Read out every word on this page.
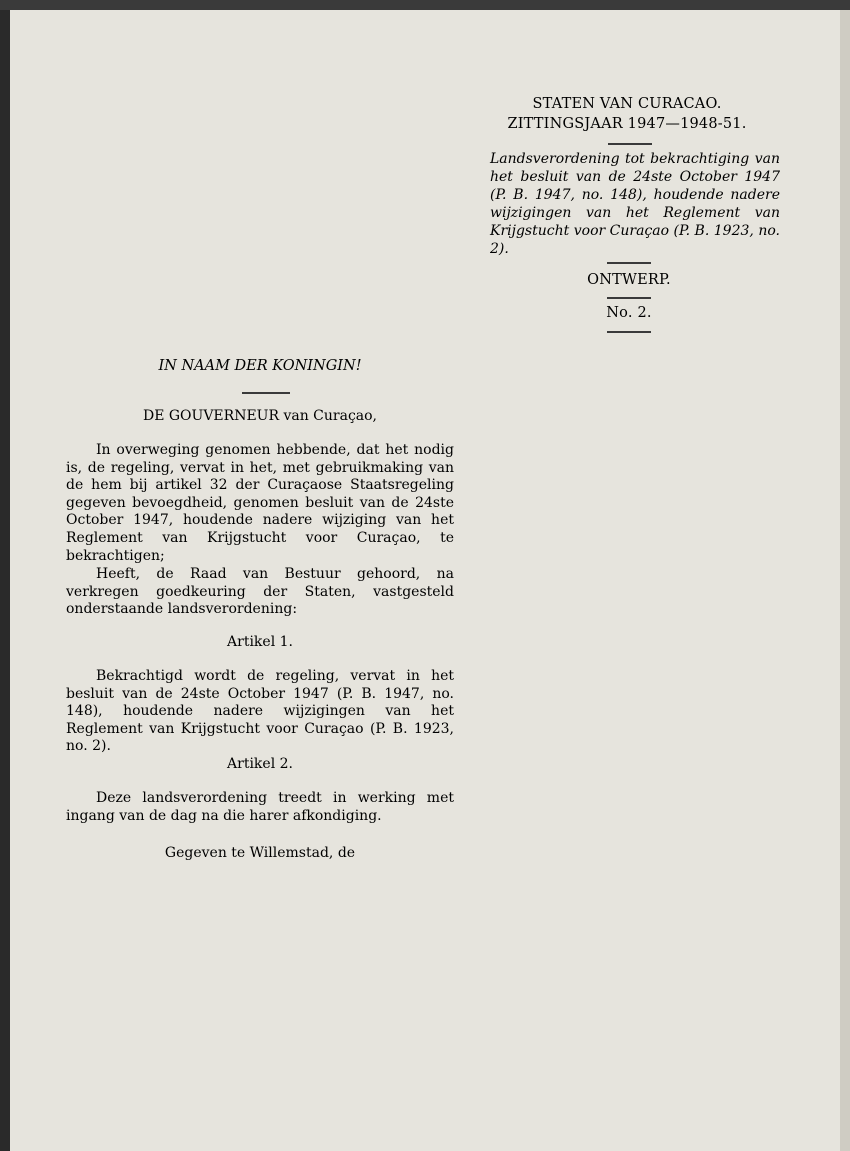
STATEN VAN CURACAO.
ZITTINGSJAAR 1947—1948-51.
Landsverordening tot bekrachtiging van het besluit van de 24ste October 1947 (P. B. 1947, no. 148), houdende nadere wijzigingen van het Reglement van Krijgstucht voor Curaçao (P. B. 1923, no. 2).
ONTWERP.
No. 2.
IN NAAM DER KONINGIN!
DE GOUVERNEUR van Curaçao,
In overweging genomen hebbende, dat het nodig is, de regeling, vervat in het, met gebruikmaking van de hem bij artikel 32 der Curaçaose Staatsregeling gegeven bevoegdheid, genomen besluit van de 24ste October 1947, houdende nadere wijziging van het Reglement van Krijgstucht voor Curaçao, te bekrachtigen;
Heeft, de Raad van Bestuur gehoord, na verkregen goedkeuring der Staten, vastgesteld onderstaande landsverordening:
Artikel 1.
Bekrachtigd wordt de regeling, vervat in het besluit van de 24ste October 1947 (P. B. 1947, no. 148), houdende nadere wijzigingen van het Reglement van Krijgstucht voor Curaçao (P. B. 1923, no. 2).
Artikel 2.
Deze landsverordening treedt in werking met ingang van de dag na die harer afkondiging.
Gegeven te Willemstad, de
